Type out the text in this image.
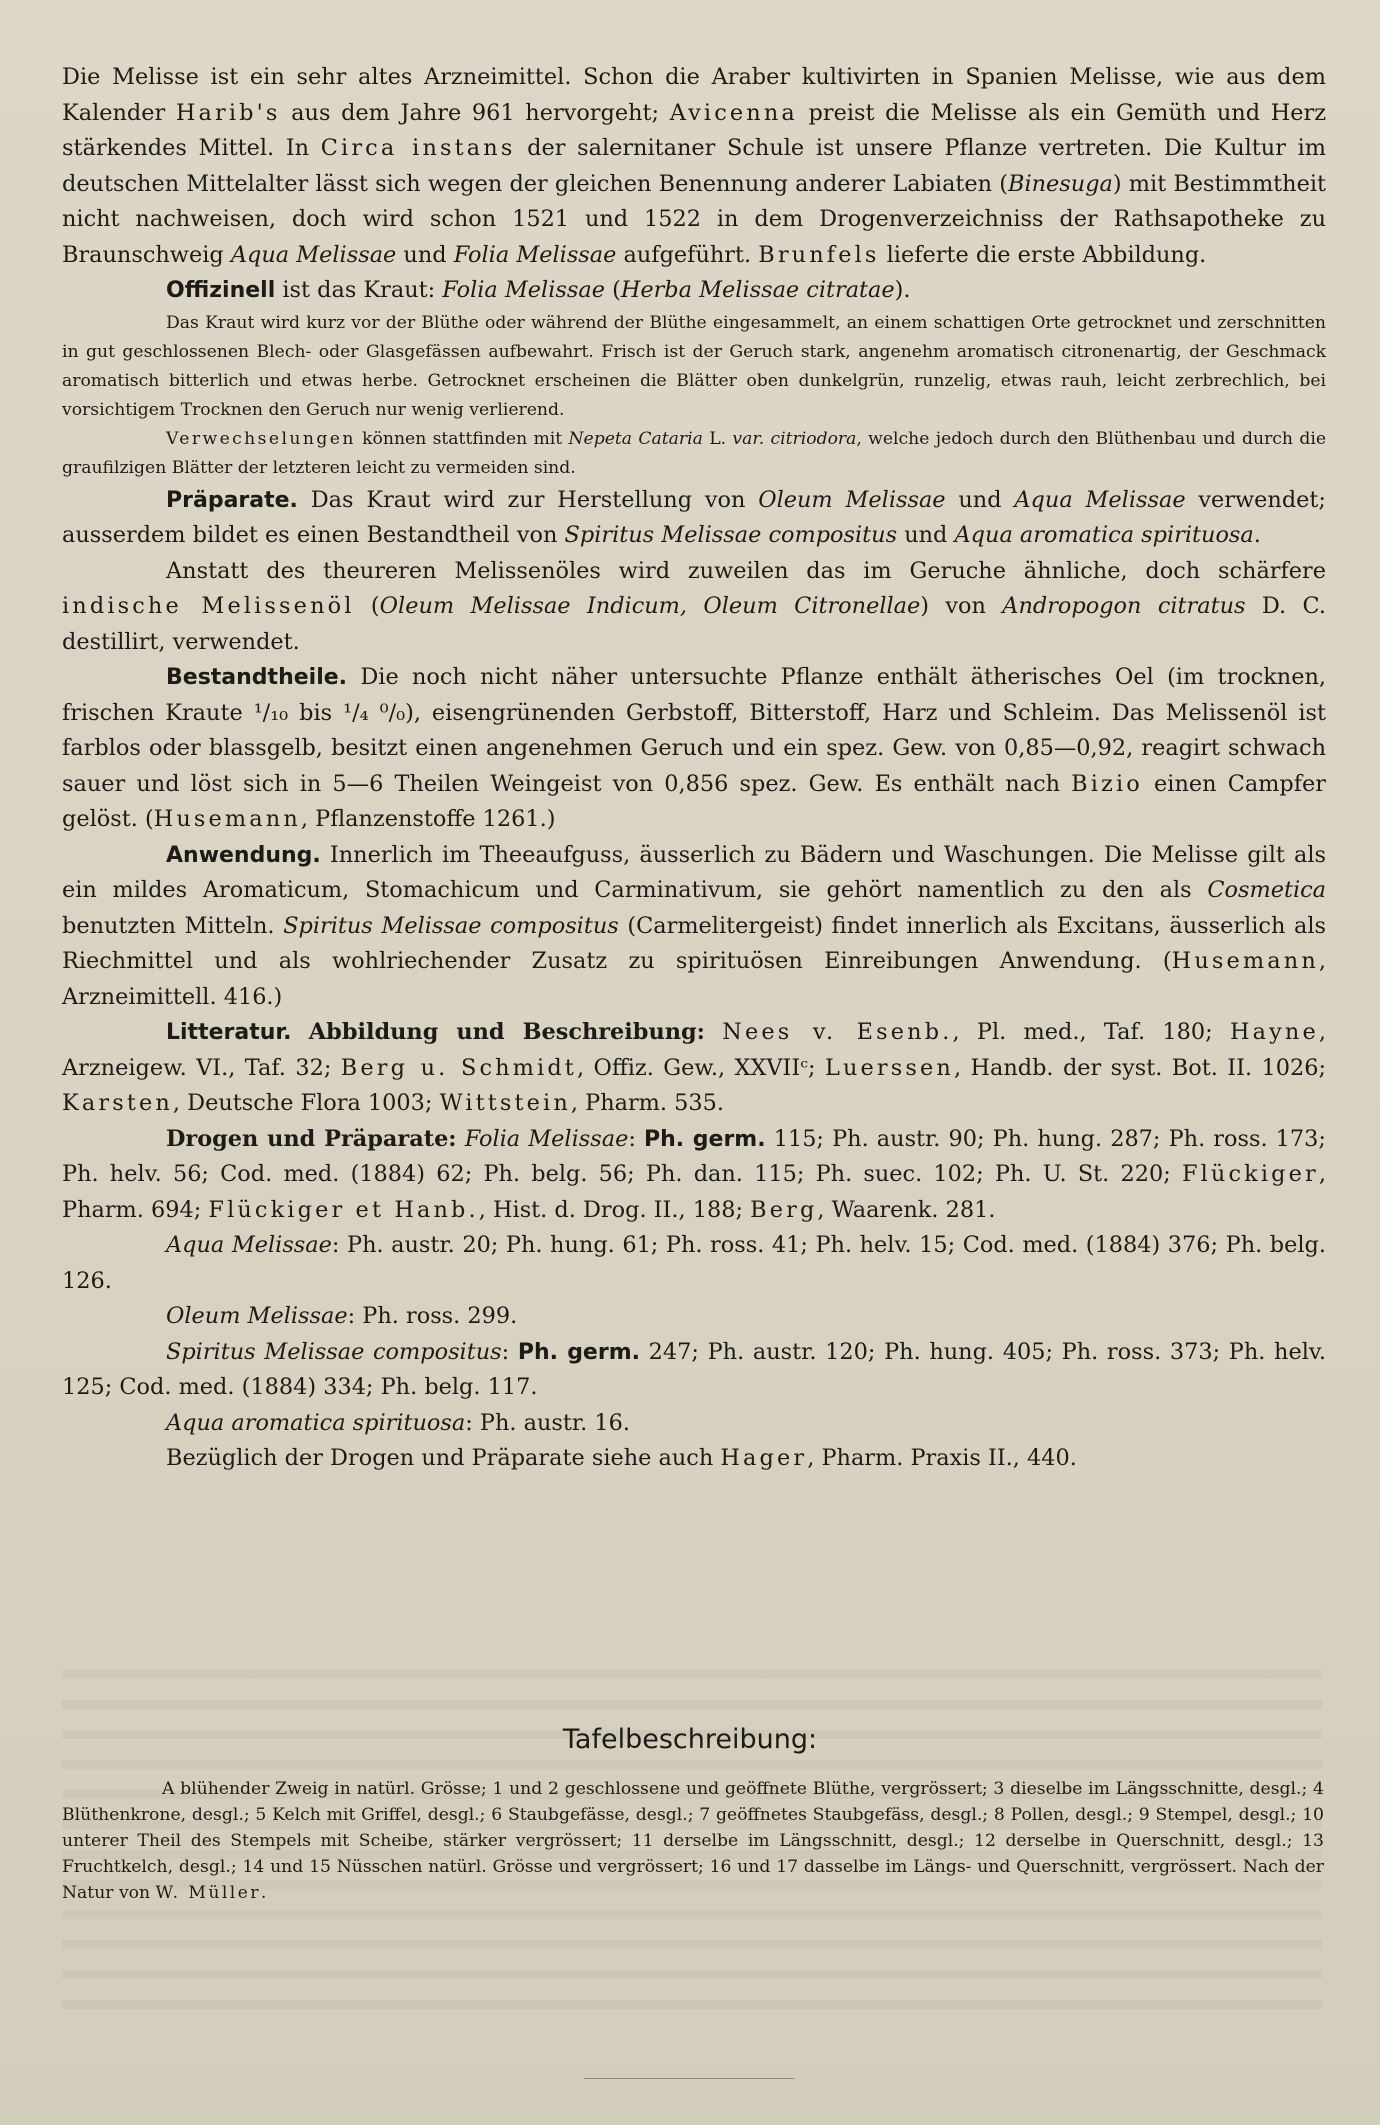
Die Melisse ist ein sehr altes Arzneimittel. Schon die Araber kultivirten in Spanien Melisse, wie aus dem Kalender Harib's aus dem Jahre 961 hervorgeht; Avicenna preist die Melisse als ein Gemüth und Herz stärkendes Mittel. In Circa instans der salernitaner Schule ist unsere Pflanze vertreten. Die Kultur im deutschen Mittelalter lässt sich wegen der gleichen Benennung anderer Labiaten (Binesuga) mit Bestimmtheit nicht nachweisen, doch wird schon 1521 und 1522 in dem Drogenverzeichniss der Rathsapotheke zu Braunschweig Aqua Melissae und Folia Melissae aufgeführt. Brunfels lieferte die erste Abbildung.

Offizinell ist das Kraut: Folia Melissae (Herba Melissae citratae).

Das Kraut wird kurz vor der Blüthe oder während der Blüthe eingesammelt, an einem schattigen Orte getrocknet und zerschnitten in gut geschlossenen Blech- oder Glasgefässen aufbewahrt. Frisch ist der Geruch stark, angenehm aromatisch citronenartig, der Geschmack aromatisch bitterlich und etwas herbe. Getrocknet erscheinen die Blätter oben dunkelgrün, runzelig, etwas rauh, leicht zerbrechlich, bei vorsichtigem Trocknen den Geruch nur wenig verlierend.

Verwechselungen können stattfinden mit Nepeta Cataria L. var. citriodora, welche jedoch durch den Blüthenbau und durch die graufilzigen Blätter der letzteren leicht zu vermeiden sind.

Präparate. Das Kraut wird zur Herstellung von Oleum Melissae und Aqua Melissae verwendet; ausserdem bildet es einen Bestandtheil von Spiritus Melissae compositus und Aqua aromatica spirituosa.

Anstatt des theureren Melissenöles wird zuweilen das im Geruche ähnliche, doch schärfere indische Melissenöl (Oleum Melissae Indicum, Oleum Citronellae) von Andropogon citratus D. C. destillirt, verwendet.

Bestandtheile. Die noch nicht näher untersuchte Pflanze enthält ätherisches Oel (im trocknen, frischen Kraute ¹/₁₀ bis ¹/₄ ⁰/₀), eisengrünenden Gerbstoff, Bitterstoff, Harz und Schleim. Das Melissenöl ist farblos oder blassgelb, besitzt einen angenehmen Geruch und ein spez. Gew. von 0,85—0,92, reagirt schwach sauer und löst sich in 5—6 Theilen Weingeist von 0,856 spez. Gew. Es enthält nach Bizio einen Campfer gelöst. (Husemann, Pflanzenstoffe 1261.)

Anwendung. Innerlich im Theeaufguss, äusserlich zu Bädern und Waschungen. Die Melisse gilt als ein mildes Aromaticum, Stomachicum und Carminativum, sie gehört namentlich zu den als Cosmetica benutzten Mitteln. Spiritus Melissae compositus (Carmelitergeist) findet innerlich als Excitans, äusserlich als Riechmittel und als wohlriechender Zusatz zu spirituösen Einreibungen Anwendung. (Husemann, Arzneimittell. 416.)

Litteratur. Abbildung und Beschreibung: Nees v. Esenb., Pl. med., Taf. 180; Hayne, Arzneigew. VI., Taf. 32; Berg u. Schmidt, Offiz. Gew., XXVIIᶜ; Luerssen, Handb. der syst. Bot. II. 1026; Karsten, Deutsche Flora 1003; Wittstein, Pharm. 535.

Drogen und Präparate: Folia Melissae: Ph. germ. 115; Ph. austr. 90; Ph. hung. 287; Ph. ross. 173; Ph. helv. 56; Cod. med. (1884) 62; Ph. belg. 56; Ph. dan. 115; Ph. suec. 102; Ph. U. St. 220; Flückiger, Pharm. 694; Flückiger et Hanb., Hist. d. Drog. II., 188; Berg, Waarenk. 281.

Aqua Melissae: Ph. austr. 20; Ph. hung. 61; Ph. ross. 41; Ph. helv. 15; Cod. med. (1884) 376; Ph. belg. 126.

Oleum Melissae: Ph. ross. 299.

Spiritus Melissae compositus: Ph. germ. 247; Ph. austr. 120; Ph. hung. 405; Ph. ross. 373; Ph. helv. 125; Cod. med. (1884) 334; Ph. belg. 117.

Aqua aromatica spirituosa: Ph. austr. 16.

Bezüglich der Drogen und Präparate siehe auch Hager, Pharm. Praxis II., 440.

Tafelbeschreibung:

A blühender Zweig in natürl. Grösse; 1 und 2 geschlossene und geöffnete Blüthe, vergrössert; 3 dieselbe im Längsschnitte, desgl.; 4 Blüthenkrone, desgl.; 5 Kelch mit Griffel, desgl.; 6 Staubgefässe, desgl.; 7 geöffnetes Staubgefäss, desgl.; 8 Pollen, desgl.; 9 Stempel, desgl.; 10 unterer Theil des Stempels mit Scheibe, stärker vergrössert; 11 derselbe im Längsschnitt, desgl.; 12 derselbe in Querschnitt, desgl.; 13 Fruchtkelch, desgl.; 14 und 15 Nüsschen natürl. Grösse und vergrössert; 16 und 17 dasselbe im Längs- und Querschnitt, vergrössert. Nach der Natur von W. Müller.
